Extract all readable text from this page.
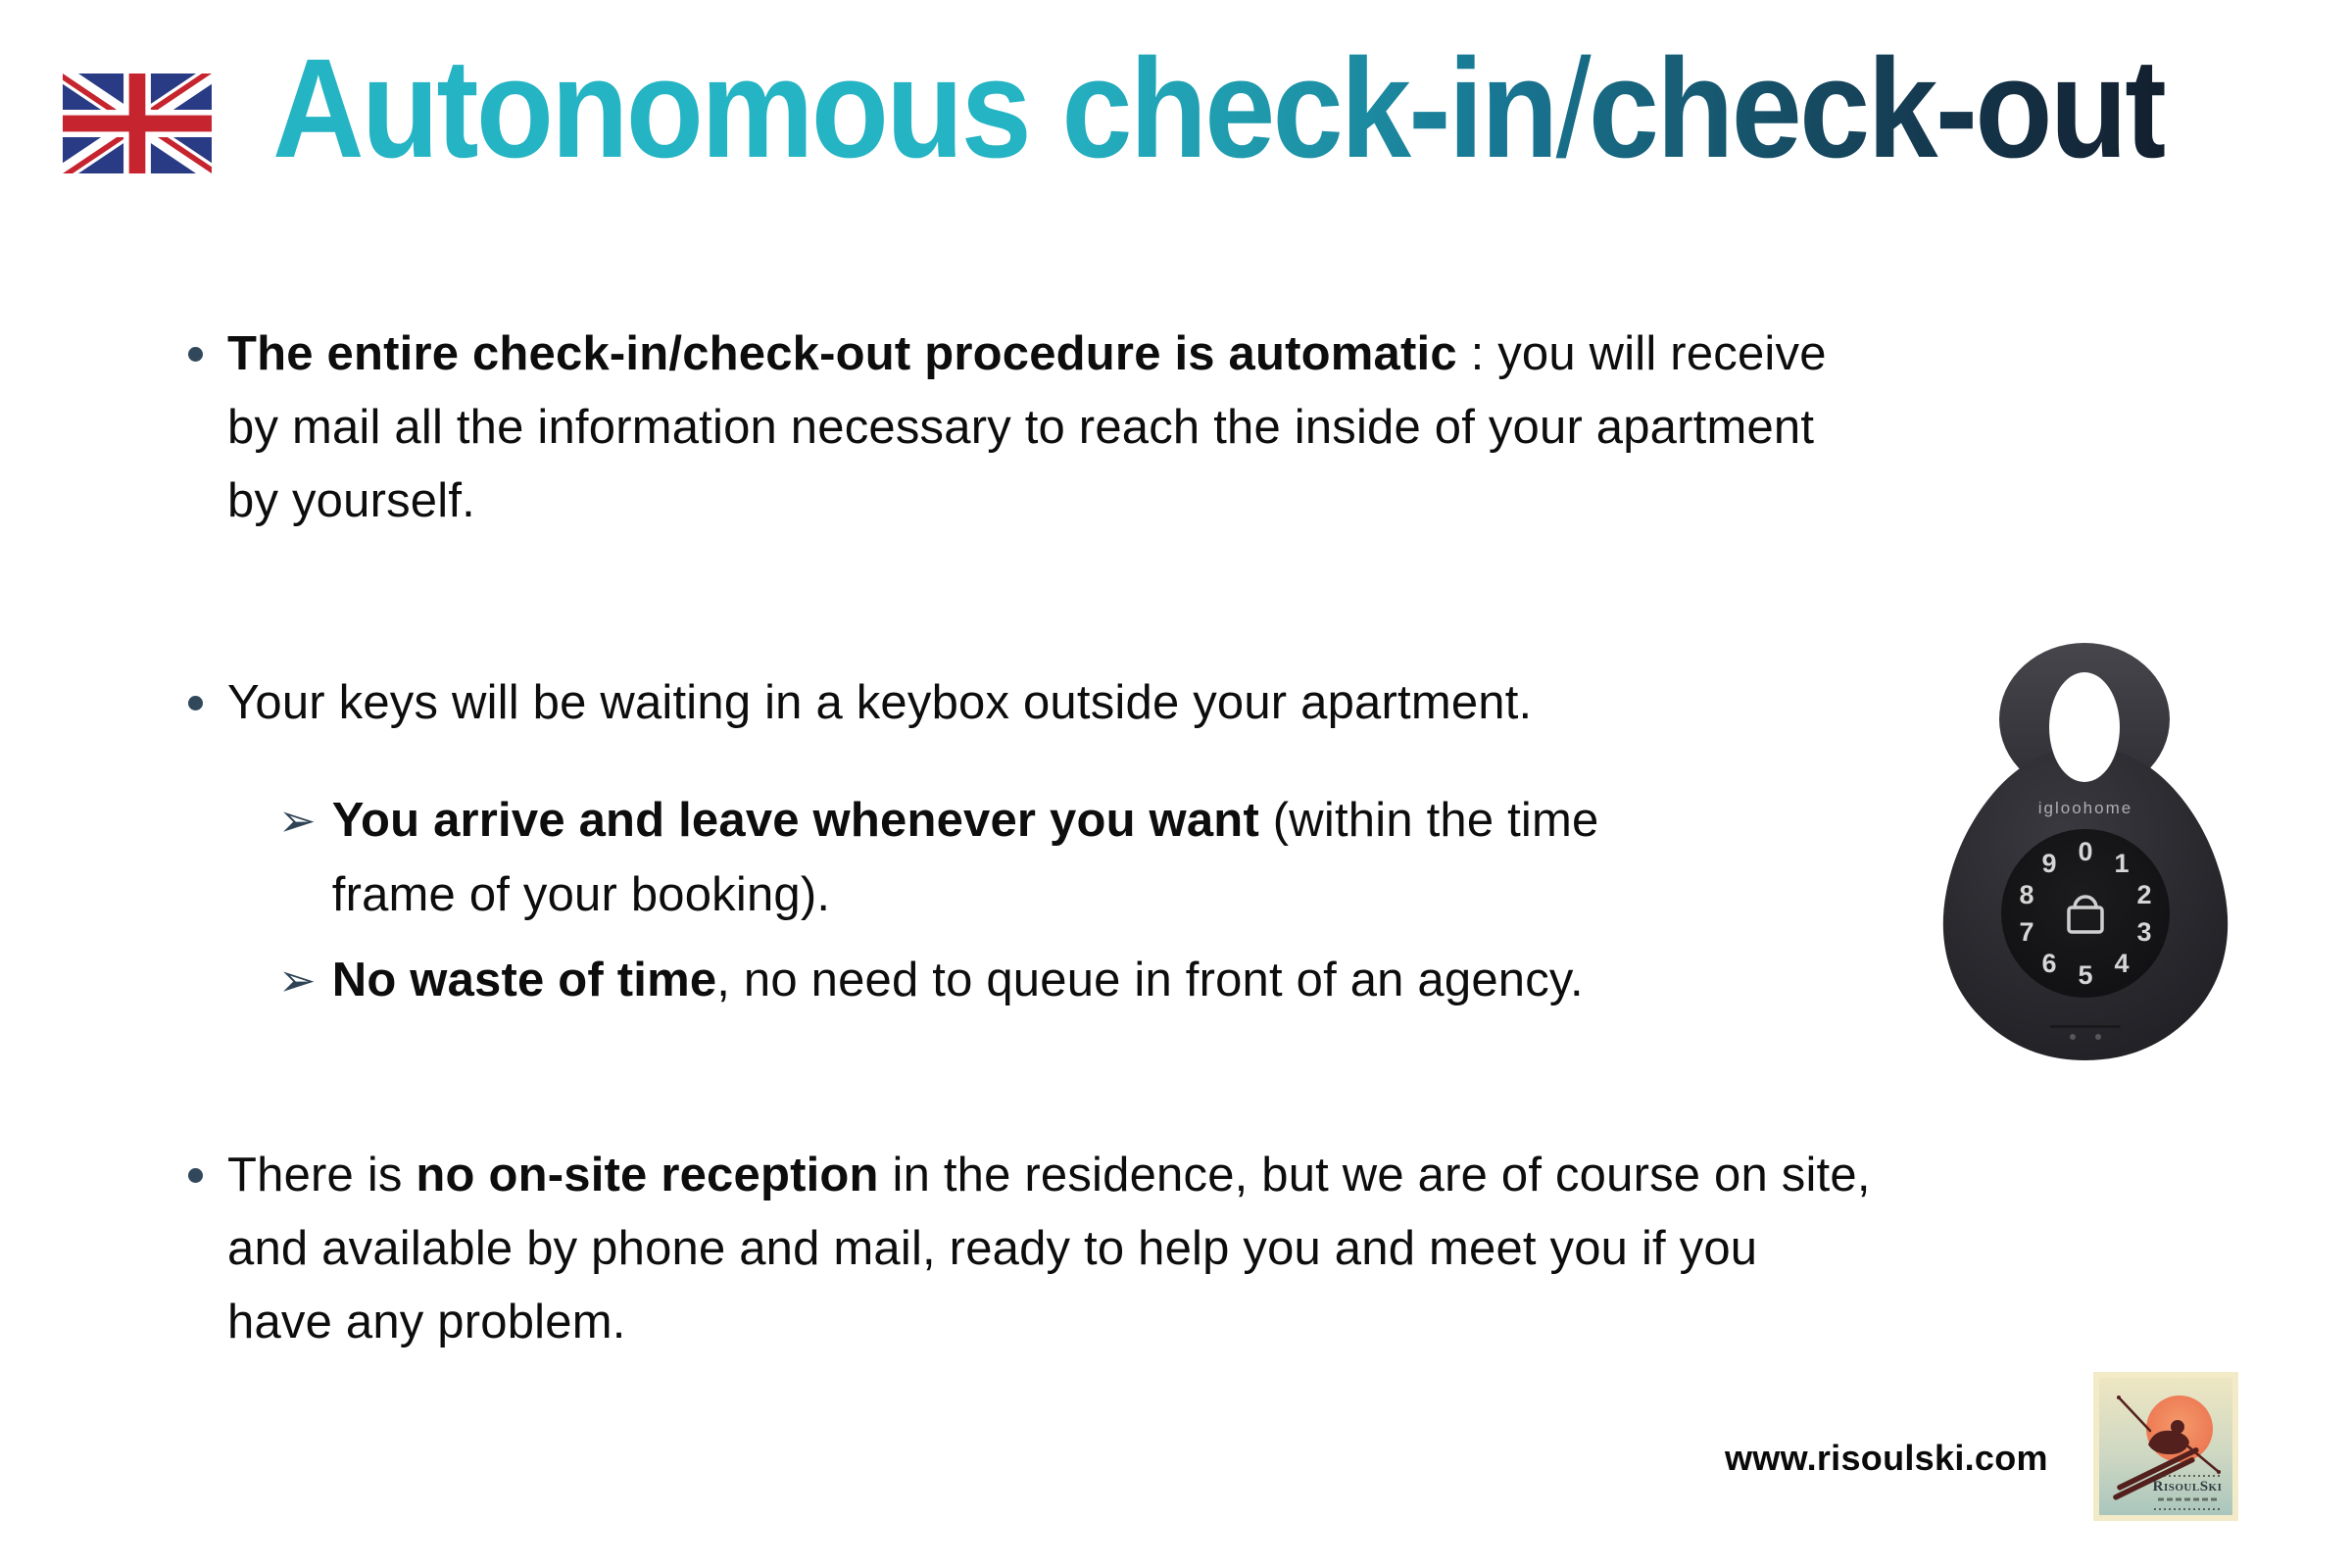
Autonomous check-in/check-out
The entire check-in/check-out procedure is automatic : you will receive
by mail all the information necessary to reach the inside of your apartment
by yourself.
Your keys will be waiting in a keybox outside your apartment.
➢ You arrive and leave whenever you want (within the time
frame of your booking).
➢ No waste of time, no need to queue in front of an agency.
There is no on-site reception in the residence, but we are of course on site,
and available by phone and mail, ready to help you and meet you if you
have any problem.
igloohome
0 1
2
3
4
5
6
7
8
9
www.risoulski.com
RisoulSki
